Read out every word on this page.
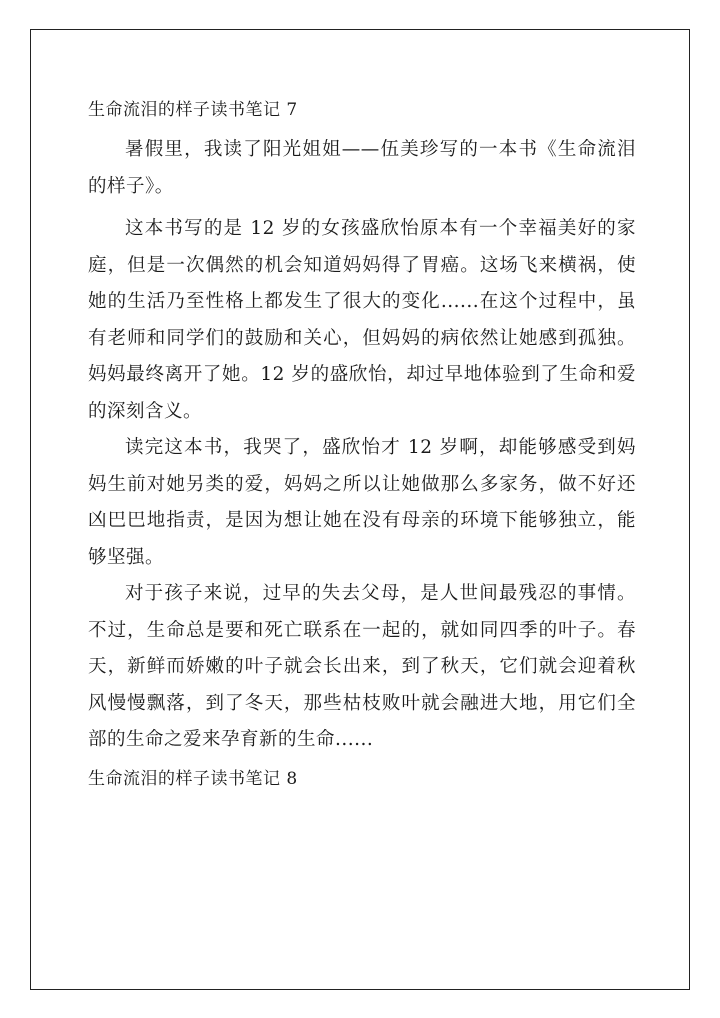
生命流泪的样子读书笔记 7

暑假里，我读了阳光姐姐——伍美珍写的一本书《生命流泪的样子》。

这本书写的是 12 岁的女孩盛欣怡原本有一个幸福美好的家庭，但是一次偶然的机会知道妈妈得了胃癌。这场飞来横祸，使她的生活乃至性格上都发生了很大的变化......在这个过程中，虽有老师和同学们的鼓励和关心，但妈妈的病依然让她感到孤独。妈妈最终离开了她。12 岁的盛欣怡，却过早地体验到了生命和爱的深刻含义。

读完这本书，我哭了，盛欣怡才 12 岁啊，却能够感受到妈妈生前对她另类的爱，妈妈之所以让她做那么多家务，做不好还凶巴巴地指责，是因为想让她在没有母亲的环境下能够独立，能够坚强。

对于孩子来说，过早的失去父母，是人世间最残忍的事情。不过，生命总是要和死亡联系在一起的，就如同四季的叶子。春天，新鲜而娇嫩的叶子就会长出来，到了秋天，它们就会迎着秋风慢慢飘落，到了冬天，那些枯枝败叶就会融进大地，用它们全部的生命之爱来孕育新的生命......

生命流泪的样子读书笔记 8
